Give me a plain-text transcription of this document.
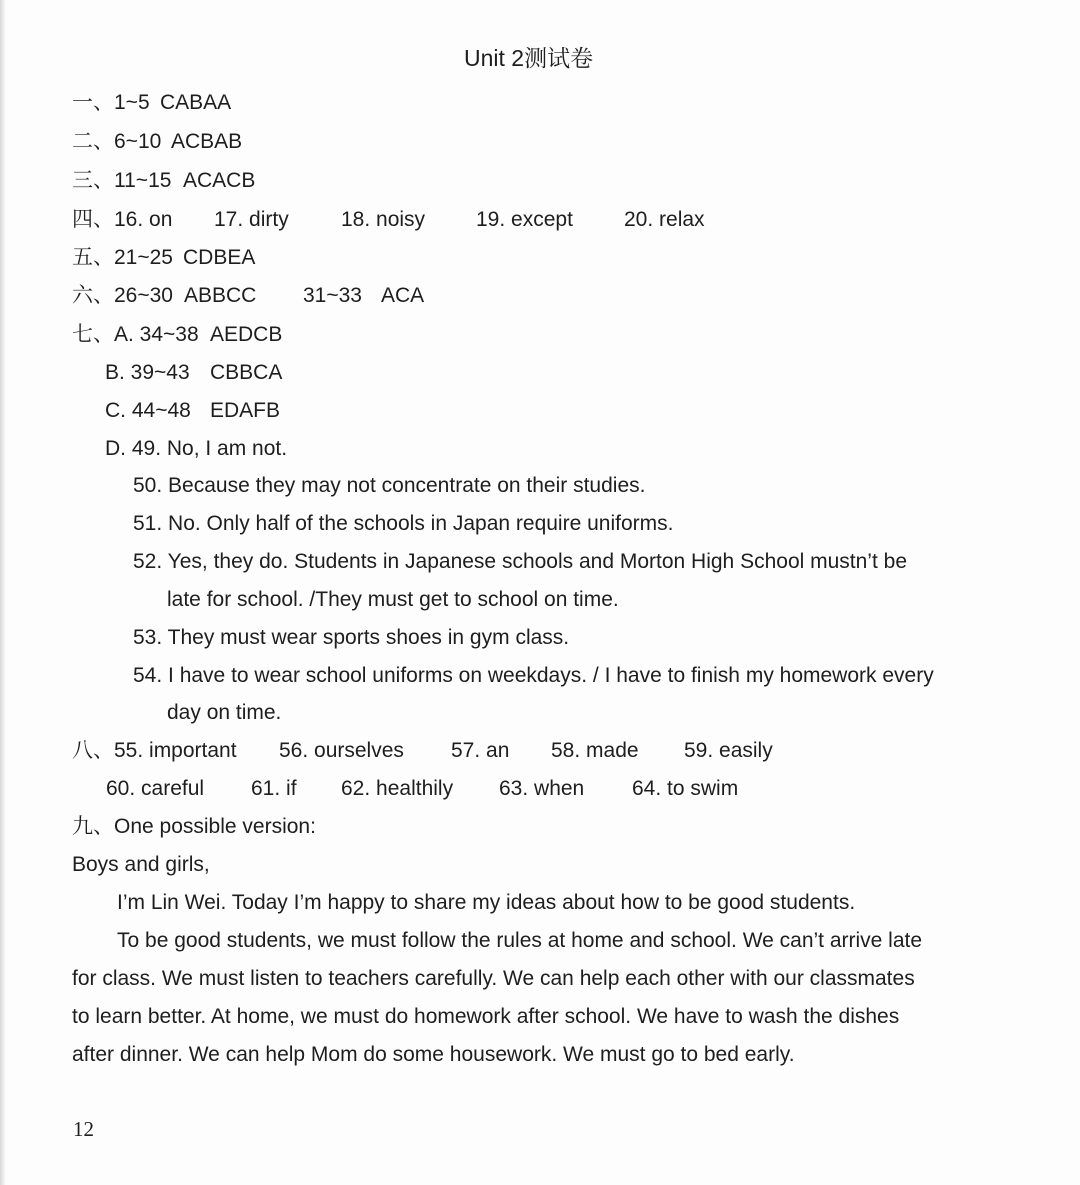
Unit 2测试卷
一、1~5 CABAA
二、6~10 ACBAB
三、11~15 ACACB
四、16. on 17. dirty 18. noisy 19. except 20. relax
五、21~25 CDBEA
六、26~30 ABBCC 31~33 ACA
七、A. 34~38 AEDCB
B. 39~43 CBBCA
C. 44~48 EDAFB
D. 49. No, I am not.
50. Because they may not concentrate on their studies.
51. No. Only half of the schools in Japan require uniforms.
52. Yes, they do. Students in Japanese schools and Morton High School mustn’t be
late for school. /They must get to school on time.
53. They must wear sports shoes in gym class.
54. I have to wear school uniforms on weekdays. / I have to finish my homework every
day on time.
八、55. important 56. ourselves 57. an 58. made 59. easily
60. careful 61. if 62. healthily 63. when 64. to swim
九、One possible version:
Boys and girls,
I’m Lin Wei. Today I’m happy to share my ideas about how to be good students.
To be good students, we must follow the rules at home and school. We can’t arrive late
for class. We must listen to teachers carefully. We can help each other with our classmates
to learn better. At home, we must do homework after school. We have to wash the dishes
after dinner. We can help Mom do some housework. We must go to bed early.
12
